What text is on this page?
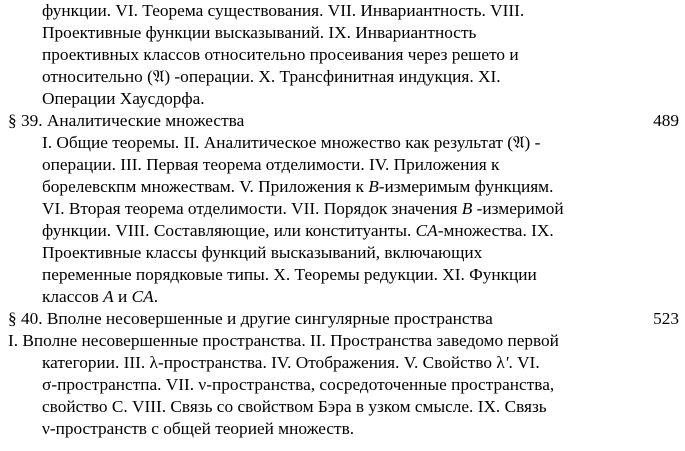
функции. VI. Теорема существования. VII. Инвариантность. VIII.
Проективные функции высказываний. IX. Инвариантность
проективных классов относительно просеивания через решето и
относительно (𝔄) -операции. X. Трансфинитная индукция. XI.
Операции Хаусдорфа.
§ 39. Аналитические множества	489
I. Общие теоремы. II. Аналитическое множество как результат (𝔄) -
операции. III. Первая теорема отделимости. IV. Приложения к
борелевскпм множествам. V. Приложения к B-измеримым функциям.
VI. Вторая теорема отделимости. VII. Порядок значения B -измеримой
функции. VIII. Составляющие, или конституанты. CA-множества. IX.
Проективные классы функций высказываний, включающих
переменные порядковые типы. X. Теоремы редукции. XI. Функции
классов A и CA.
§ 40. Вполне несовершенные и другие сингулярные пространства	523
I. Вполне несовершенные пространства. II. Пространства заведомо первой
категории. III. λ-пространства. IV. Отображения. V. Свойство λ'. VI.
σ-пространстпа. VII. ν-пространства, сосредоточенные пространства,
свойство С. VIII. Связь со свойством Бэра в узком смысле. IX. Связь
ν-пространств с общей теорией множеств.
